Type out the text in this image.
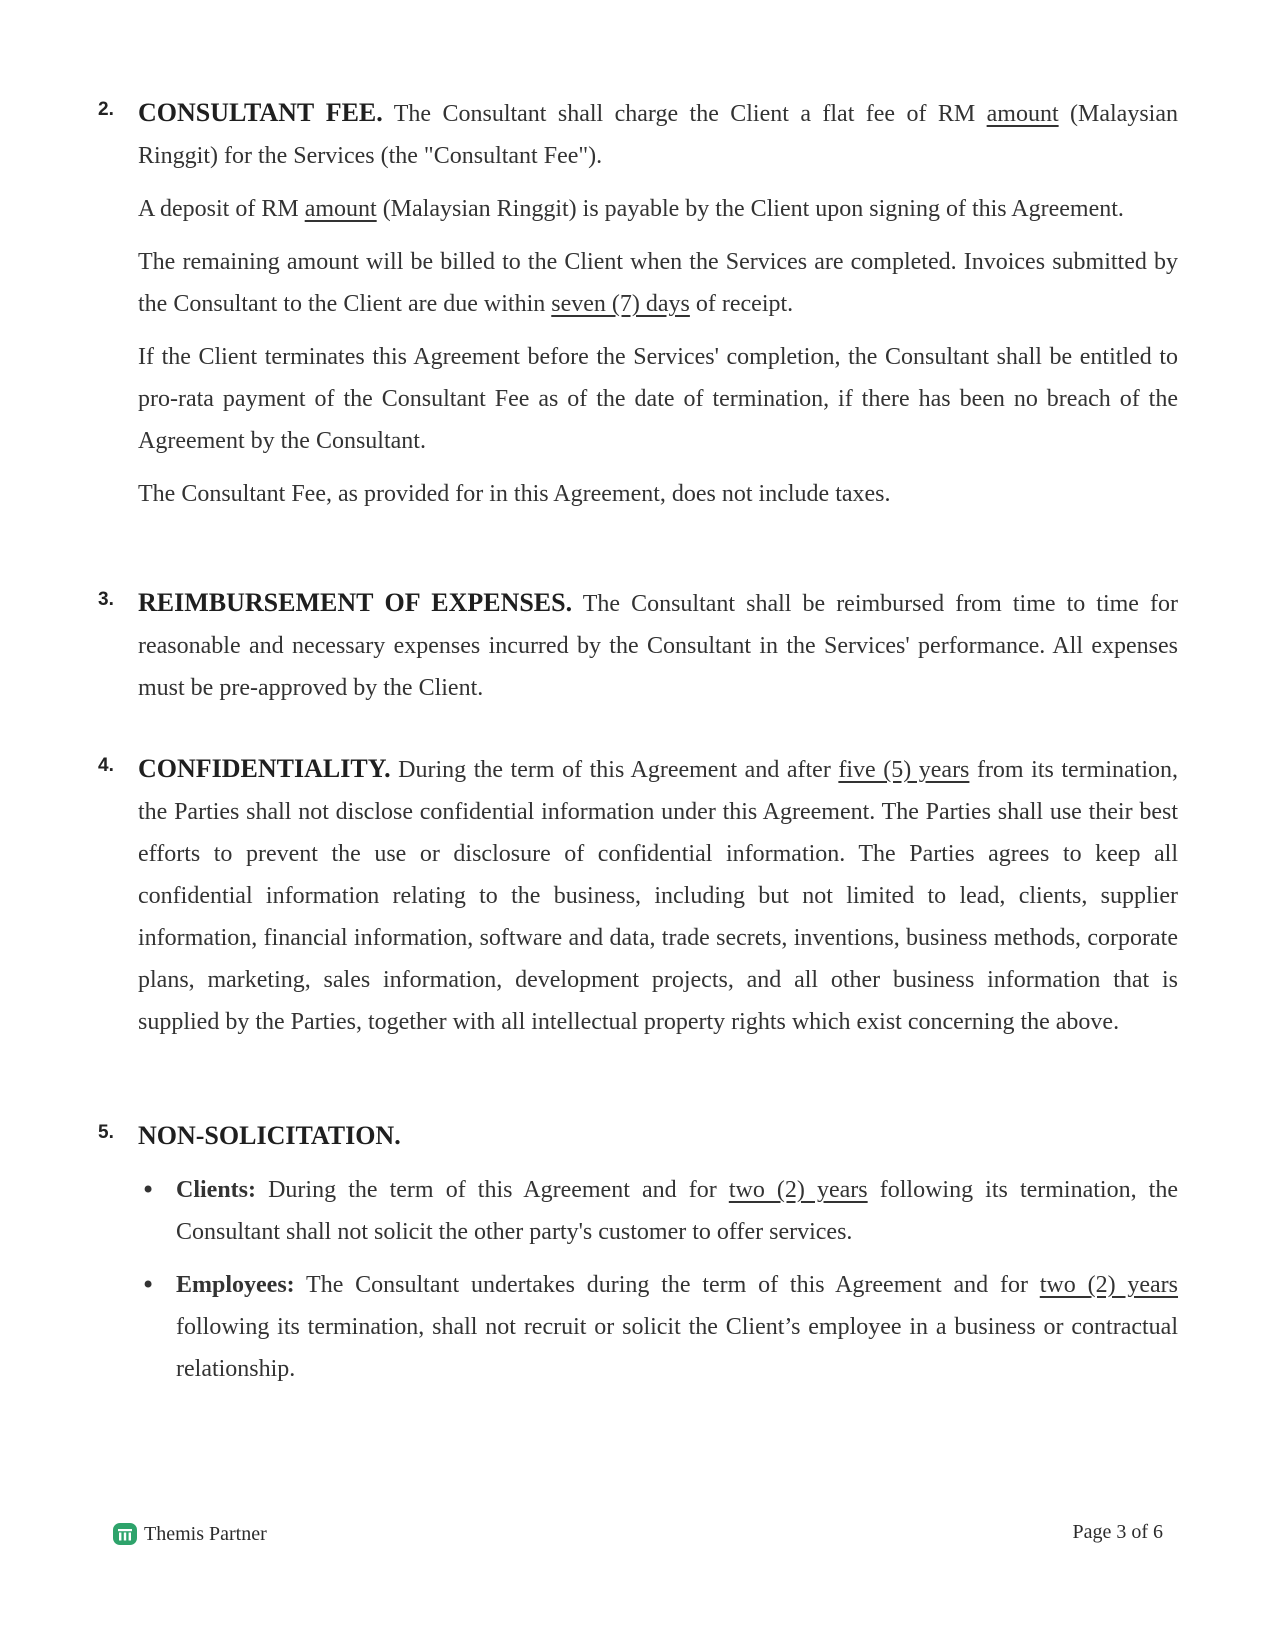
2. CONSULTANT FEE. The Consultant shall charge the Client a flat fee of RM amount (Malaysian Ringgit) for the Services (the "Consultant Fee").

A deposit of RM amount (Malaysian Ringgit) is payable by the Client upon signing of this Agreement.

The remaining amount will be billed to the Client when the Services are completed. Invoices submitted by the Consultant to the Client are due within seven (7) days of receipt.

If the Client terminates this Agreement before the Services' completion, the Consultant shall be entitled to pro-rata payment of the Consultant Fee as of the date of termination, if there has been no breach of the Agreement by the Consultant.

The Consultant Fee, as provided for in this Agreement, does not include taxes.

3. REIMBURSEMENT OF EXPENSES. The Consultant shall be reimbursed from time to time for reasonable and necessary expenses incurred by the Consultant in the Services' performance. All expenses must be pre-approved by the Client.

4. CONFIDENTIALITY. During the term of this Agreement and after five (5) years from its termination, the Parties shall not disclose confidential information under this Agreement. The Parties shall use their best efforts to prevent the use or disclosure of confidential information. The Parties agrees to keep all confidential information relating to the business, including but not limited to lead, clients, supplier information, financial information, software and data, trade secrets, inventions, business methods, corporate plans, marketing, sales information, development projects, and all other business information that is supplied by the Parties, together with all intellectual property rights which exist concerning the above.

5. NON-SOLICITATION.

• Clients: During the term of this Agreement and for two (2) years following its termination, the Consultant shall not solicit the other party's customer to offer services.

• Employees: The Consultant undertakes during the term of this Agreement and for two (2) years following its termination, shall not recruit or solicit the Client’s employee in a business or contractual relationship.

Themis Partner	Page 3 of 6
